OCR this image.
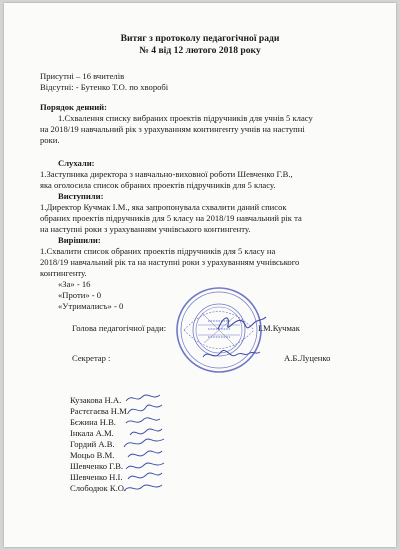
Витяг з протоколу педагогічної ради
№ 4 від 12 лютого 2018 року
Присутні – 16 вчителів
Відсутні: - Бутенко Т.О. по хворобі
Порядок денний:
1.Схвалення списку вибраних проектів підручників для учнів 5 класу
на 2018/19 навчальний рік з урахуванням контингенту учнів на наступні
роки.
Слухали:
1.Заступника директора з навчально-виховної роботи Шевченко Г.В.,
яка оголосила список обраних проектів підручників для 5 класу.
Виступили:
1.Директор Кучмак І.М., яка запропонувала схвалити даний список
обраних проектів підручників для 5 класу на 2018/19 навчальний рік та
на наступні роки з урахуванням учнівського контингенту.
Вирішили:
1.Схвалити список обраних проектів підручників для 5 класу на
2018/19 навчальний рік та на наступні роки з урахуванням учнівського
контингенту.
«За» - 16
«Проти» - 0
«Утрималисъ» - 0
Голова педагогічної ради:	І.М.Кучмак
Секретар :	А.Б.Луценко
Кузакова Н.А.
Растєгаєва Н.М.
Бєжина Н.В.
Інкала А.М.
Гордий А.В.
Моцьо В.М.
Шевченко Г.В.
Шевченко Н.І.
Слободюк К.О.
